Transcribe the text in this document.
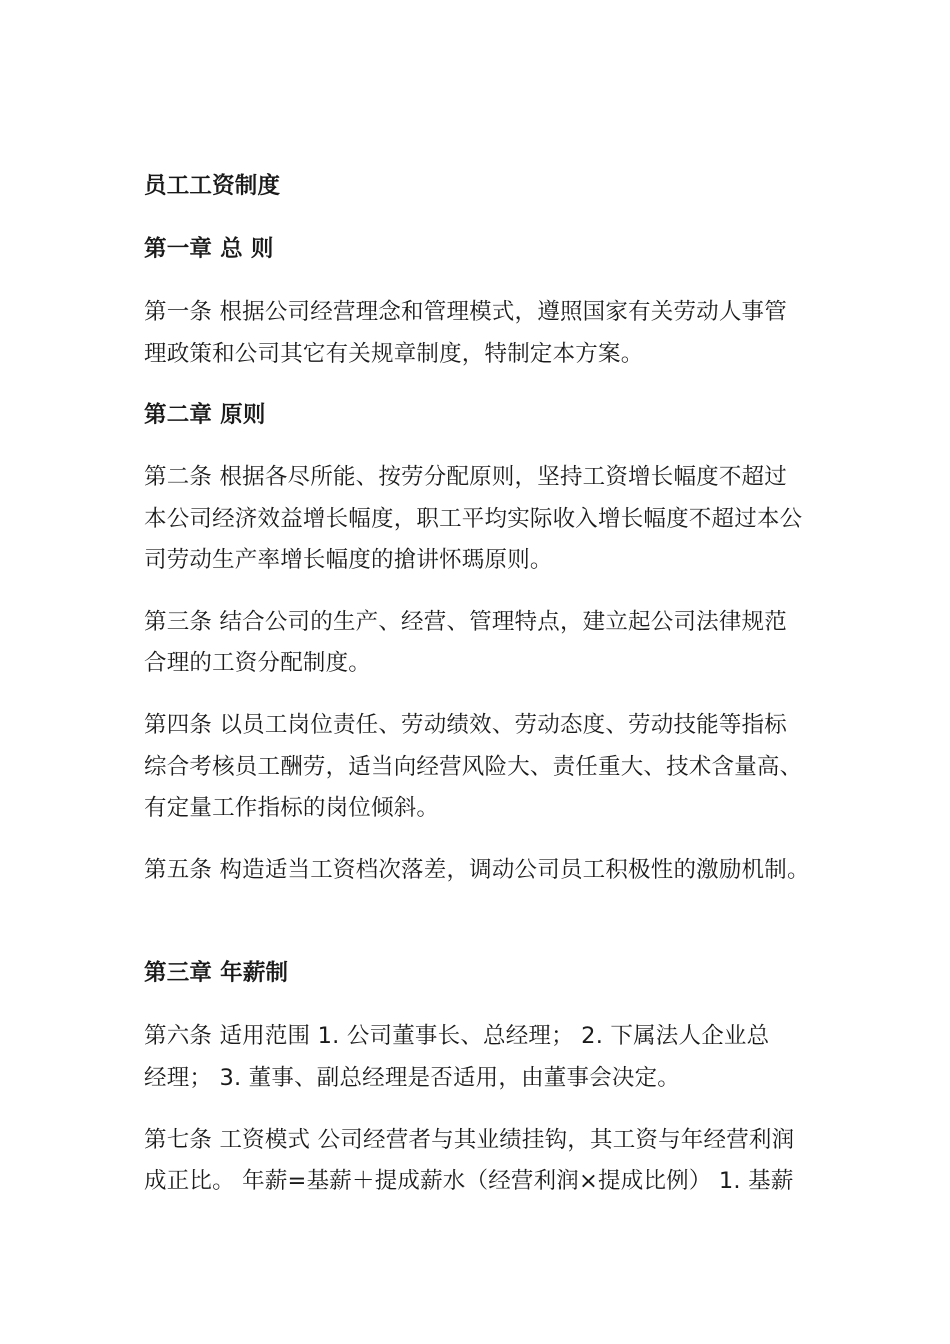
员工工资制度
第一章 总 则
第一条 根据公司经营理念和管理模式，遵照国家有关劳动人事管
理政策和公司其它有关规章制度，特制定本方案。
第二章 原则
第二条 根据各尽所能、按劳分配原则，坚持工资增长幅度不超过
本公司经济效益增长幅度，职工平均实际收入增长幅度不超过本公
司劳动生产率增长幅度的搶讲怀瑪原则。
第三条 结合公司的生产、经营、管理特点，建立起公司法律规范
合理的工资分配制度。
第四条 以员工岗位责任、劳动绩效、劳动态度、劳动技能等指标
综合考核员工酬劳，适当向经营风险大、责任重大、技术含量高、
有定量工作指标的岗位倾斜。
第五条 构造适当工资档次落差，调动公司员工积极性的激励机制。
第三章 年薪制
第六条 适用范围 1. 公司董事长、总经理； 2. 下属法人企业总
经理； 3. 董事、副总经理是否适用，由董事会决定。
第七条 工资模式 公司经营者与其业绩挂钩，其工资与年经营利润
成正比。 年薪=基薪＋提成薪水（经营利润×提成比例） 1. 基薪
